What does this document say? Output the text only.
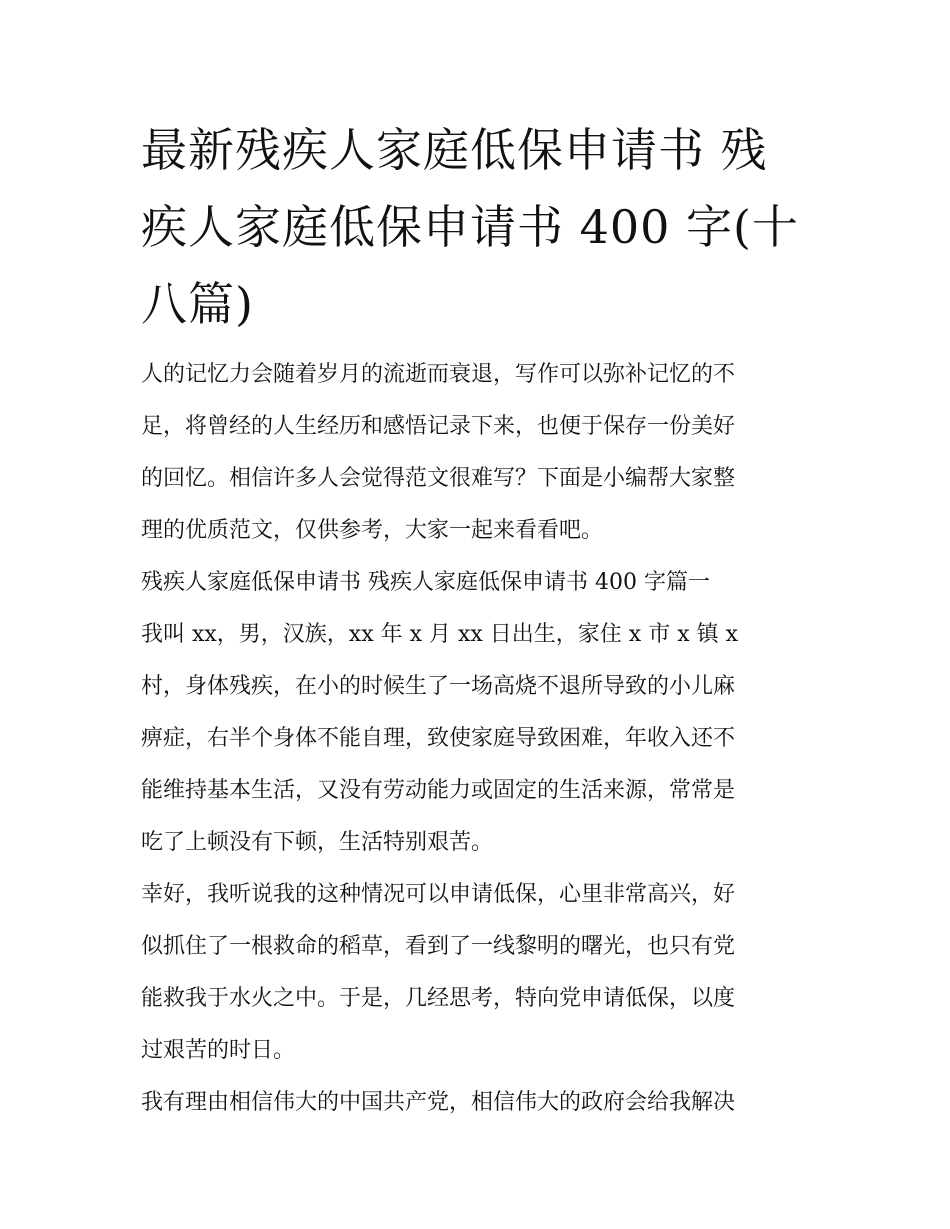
最新残疾人家庭低保申请书 残
疾人家庭低保申请书 400 字(十
八篇)
人的记忆力会随着岁月的流逝而衰退，写作可以弥补记忆的不
足，将曾经的人生经历和感悟记录下来，也便于保存一份美好
的回忆。相信许多人会觉得范文很难写？下面是小编帮大家整
理的优质范文，仅供参考，大家一起来看看吧。
残疾人家庭低保申请书 残疾人家庭低保申请书 400 字篇一
我叫 xx，男，汉族，xx 年 x 月 xx 日出生，家住 x 市 x 镇 x
村，身体残疾，在小的时候生了一场高烧不退所导致的小儿麻
痹症，右半个身体不能自理，致使家庭导致困难，年收入还不
能维持基本生活，又没有劳动能力或固定的生活来源，常常是
吃了上顿没有下顿，生活特别艰苦。
幸好，我听说我的这种情况可以申请低保，心里非常高兴，好
似抓住了一根救命的稻草，看到了一线黎明的曙光，也只有党
能救我于水火之中。于是，几经思考，特向党申请低保，以度
过艰苦的时日。
我有理由相信伟大的中国共产党，相信伟大的政府会给我解决
